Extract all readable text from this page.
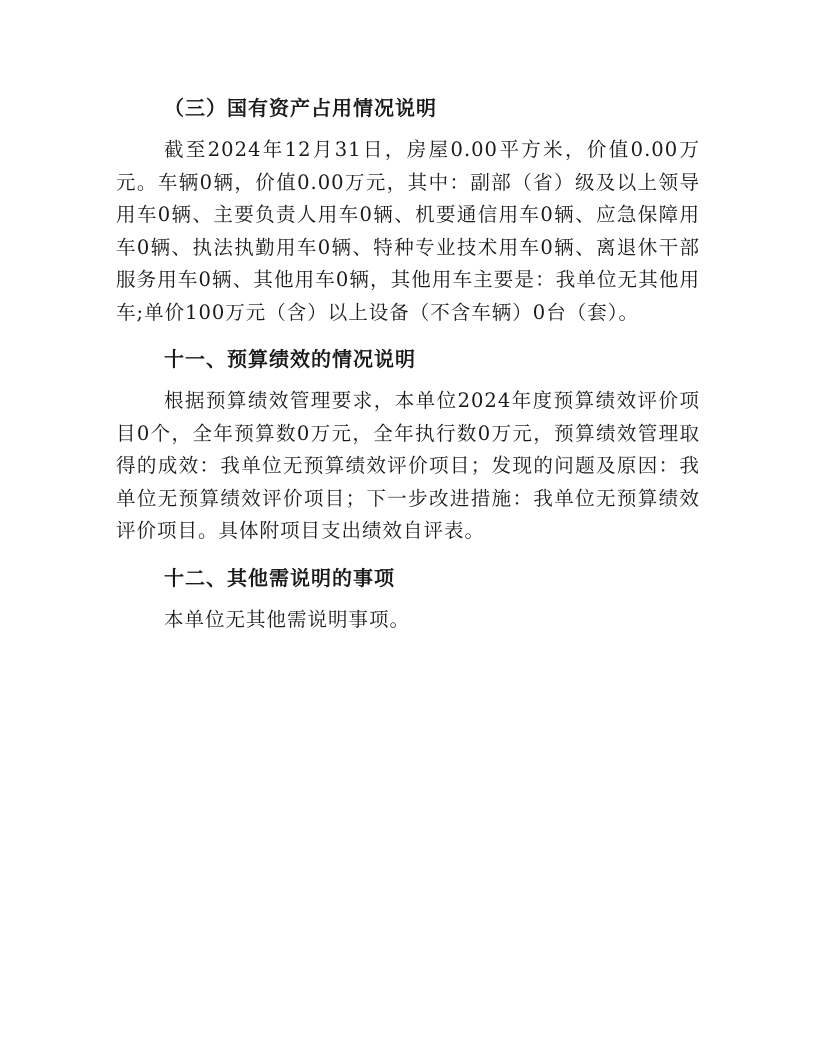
（三）国有资产占用情况说明

截至2024年12月31日，房屋0.00平方米，价值0.00万元。车辆0辆，价值0.00万元，其中：副部（省）级及以上领导用车0辆、主要负责人用车0辆、机要通信用车0辆、应急保障用车0辆、执法执勤用车0辆、特种专业技术用车0辆、离退休干部服务用车0辆、其他用车0辆，其他用车主要是：我单位无其他用车;单价100万元（含）以上设备（不含车辆）0台（套）。

十一、预算绩效的情况说明

根据预算绩效管理要求，本单位2024年度预算绩效评价项目0个，全年预算数0万元，全年执行数0万元，预算绩效管理取得的成效：我单位无预算绩效评价项目；发现的问题及原因：我单位无预算绩效评价项目；下一步改进措施：我单位无预算绩效评价项目。具体附项目支出绩效自评表。

十二、其他需说明的事项

本单位无其他需说明事项。
